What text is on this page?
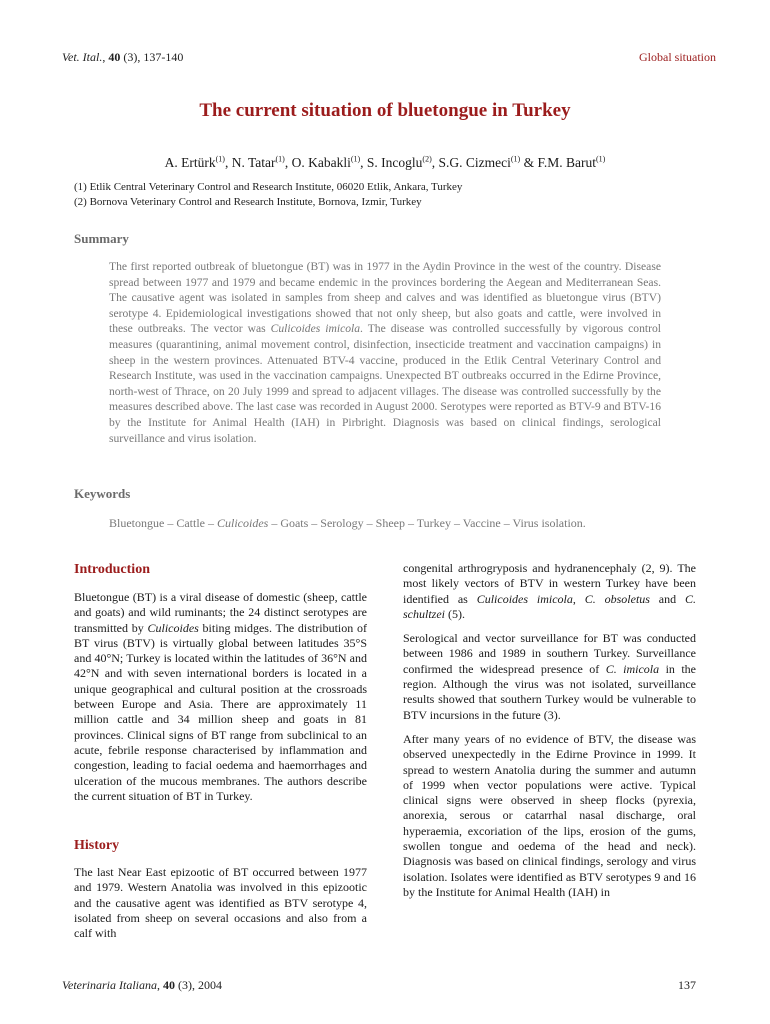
Vet. Ital., 40 (3), 137-140	Global situation
The current situation of bluetongue in Turkey
A. Ertürk$^{(1)}$, N. Tatar$^{(1)}$, O. Kabakli$^{(1)}$, S. Incoglu$^{(2)}$, S.G. Cizmeci$^{(1)}$ & F.M. Barut$^{(1)}$
(1) Etlik Central Veterinary Control and Research Institute, 06020 Etlik, Ankara, Turkey
(2) Bornova Veterinary Control and Research Institute, Bornova, Izmir, Turkey
Summary
The first reported outbreak of bluetongue (BT) was in 1977 in the Aydin Province in the west of the country. Disease spread between 1977 and 1979 and became endemic in the provinces bordering the Aegean and Mediterranean Seas. The causative agent was isolated in samples from sheep and calves and was identified as bluetongue virus (BTV) serotype 4. Epidemiological investigations showed that not only sheep, but also goats and cattle, were involved in these outbreaks. The vector was Culicoides imicola. The disease was controlled successfully by vigorous control measures (quarantining, animal movement control, disinfection, insecticide treatment and vaccination campaigns) in sheep in the western provinces. Attenuated BTV-4 vaccine, produced in the Etlik Central Veterinary Control and Research Institute, was used in the vaccination campaigns. Unexpected BT outbreaks occurred in the Edirne Province, north-west of Thrace, on 20 July 1999 and spread to adjacent villages. The disease was controlled successfully by the measures described above. The last case was recorded in August 2000. Serotypes were reported as BTV-9 and BTV-16 by the Institute for Animal Health (IAH) in Pirbright. Diagnosis was based on clinical findings, serological surveillance and virus isolation.
Keywords
Bluetongue – Cattle – Culicoides – Goats – Serology – Sheep – Turkey – Vaccine – Virus isolation.
Introduction

Bluetongue (BT) is a viral disease of domestic (sheep, cattle and goats) and wild ruminants; the 24 distinct serotypes are transmitted by Culicoides biting midges. The distribution of BT virus (BTV) is virtually global between latitudes 35°S and 40°N; Turkey is located within the latitudes of 36°N and 42°N and with seven international borders is located in a unique geographical and cultural position at the crossroads between Europe and Asia. There are approximately 11 million cattle and 34 million sheep and goats in 81 provinces. Clinical signs of BT range from subclinical to an acute, febrile response characterised by inflammation and congestion, leading to facial oedema and haemorrhages and ulceration of the mucous membranes. The authors describe the current situation of BT in Turkey.

History

The last Near East epizootic of BT occurred between 1977 and 1979. Western Anatolia was involved in this epizootic and the causative agent was identified as BTV serotype 4, isolated from sheep on several occasions and also from a calf with

congenital arthrogryposis and hydranencephaly (2, 9). The most likely vectors of BTV in western Turkey have been identified as Culicoides imicola, C. obsoletus and C. schultzei (5).

Serological and vector surveillance for BT was conducted between 1986 and 1989 in southern Turkey. Surveillance confirmed the widespread presence of C. imicola in the region. Although the virus was not isolated, surveillance results showed that southern Turkey would be vulnerable to BTV incursions in the future (3).

After many years of no evidence of BTV, the disease was observed unexpectedly in the Edirne Province in 1999. It spread to western Anatolia during the summer and autumn of 1999 when vector populations were active. Typical clinical signs were observed in sheep flocks (pyrexia, anorexia, serous or catarrhal nasal discharge, oral hyperaemia, excoriation of the lips, erosion of the gums, swollen tongue and oedema of the head and neck). Diagnosis was based on clinical findings, serology and virus isolation. Isolates were identified as BTV serotypes 9 and 16 by the Institute for Animal Health (IAH) in

Veterinaria Italiana, 40 (3), 2004	137
